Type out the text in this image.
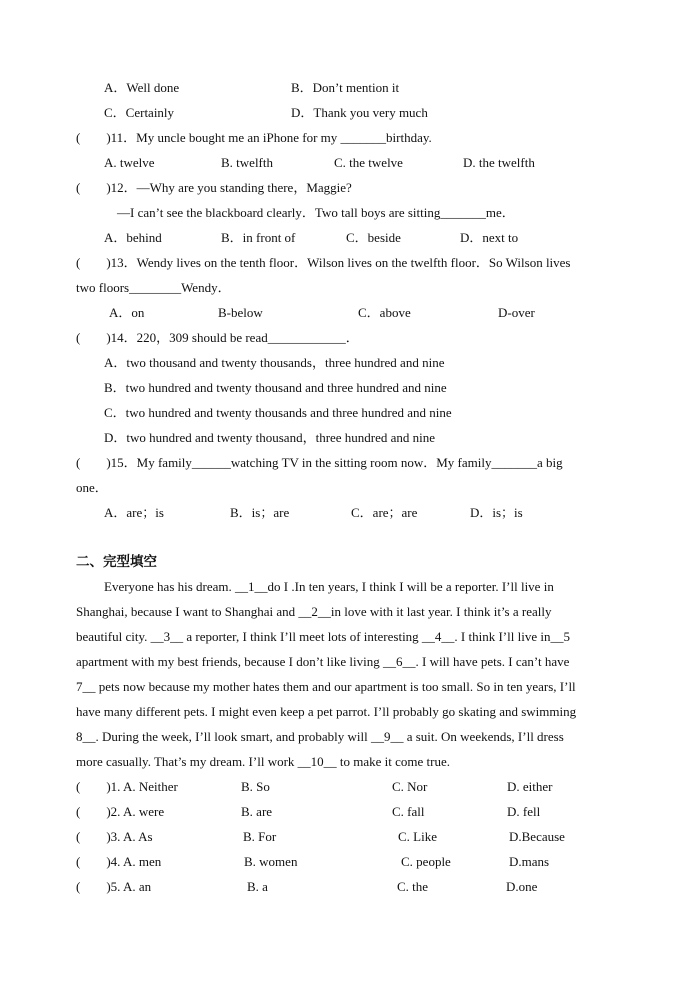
A．Well done	B．Don’t mention it
C．Certainly	D．Thank you very much
(　　)11．My uncle bought me an iPhone for my _______birthday.
A. twelve	B. twelfth	C. the twelve	D. the twelfth
(　　)12．—Why are you standing there，Maggie?
—I can’t see the blackboard clearly．Two tall boys are sitting_______me．
A．behind	B．in front of	C．beside	D．next to
(　　)13．Wendy lives on the tenth floor．Wilson lives on the twelfth floor．So Wilson lives
two floors________Wendy．
A．on	B-below	C．above	D-over
(　　)14．220，309 should be read____________．
A．two thousand and twenty thousands，three hundred and nine
B．two hundred and twenty thousand and three hundred and nine
C．two hundred and twenty thousands and three hundred and nine
D．two hundred and twenty thousand，three hundred and nine
(　　)15．My family______watching TV in the sitting room now．My family_______a big
one．
A．are；is	B．is；are	C．are；are	D．is；is
二、完型填空
Everyone has his dream. __1__do I .In ten years, I think I will be a reporter. I’ll live in
Shanghai, because I want to Shanghai and __2__in love with it last year. I think it’s a really
beautiful city. __3__ a reporter, I think I’ll meet lots of interesting __4__. I think I’ll live in__5
apartment with my best friends, because I don’t like living __6__. I will have pets. I can’t have
7__ pets now because my mother hates them and our apartment is too small. So in ten years, I’ll
have many different pets. I might even keep a pet parrot. I’ll probably go skating and swimming
8__. During the week, I’ll look smart, and probably will __9__ a suit. On weekends, I’ll dress
more casually. That’s my dream. I’ll work __10__ to make it come true.
(　　)1. A. Neither	B. So	C. Nor	D. either
(　　)2. A. were	B. are	C. fall	D. fell
(　　)3. A. As	B. For	C. Like	D.Because
(　　)4. A. men	B. women	C. people	D.mans
(　　)5. A. an	B. a	C. the	D.one
